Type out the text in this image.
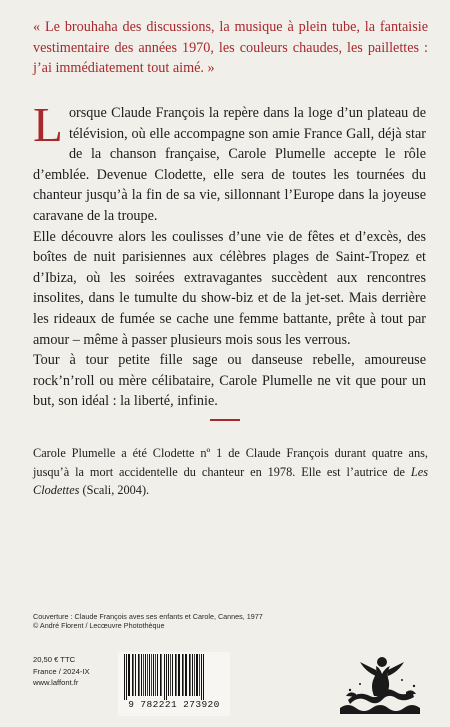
« Le brouhaha des discussions, la musique à plein tube, la fantaisie vestimentaire des années 1970, les couleurs chaudes, les paillettes : j’ai immédiatement tout aimé. »

Lorsque Claude François la repère dans la loge d’un plateau de télévision, où elle accompagne son amie France Gall, déjà star de la chanson française, Carole Plumelle accepte le rôle d’emblée. Devenue Clodette, elle sera de toutes les tournées du chanteur jusqu’à la fin de sa vie, sillonnant l’Europe dans la joyeuse caravane de la troupe.

Elle découvre alors les coulisses d’une vie de fêtes et d’excès, des boîtes de nuit parisiennes aux célèbres plages de Saint-Tropez et d’Ibiza, où les soirées extravagantes succèdent aux rencontres insolites, dans le tumulte du show-biz et de la jet-set. Mais derrière les rideaux de fumée se cache une femme battante, prête à tout par amour – même à passer plusieurs mois sous les verrous.

Tour à tour petite fille sage ou danseuse rebelle, amoureuse rock’n’roll ou mère célibataire, Carole Plumelle ne vit que pour un but, son idéal : la liberté, infinie.

Carole Plumelle a été Clodette nº 1 de Claude François durant quatre ans, jusqu’à la mort accidentelle du chanteur en 1978. Elle est l’autrice de Les Clodettes (Scali, 2004).
Couverture : Claude François aves ses enfants et Carole, Cannes, 1977
© André Florent / Lecœuvre Photothèque
20,50 € TTC
France / 2024-IX
www.laffont.fr
9 782221 273920
